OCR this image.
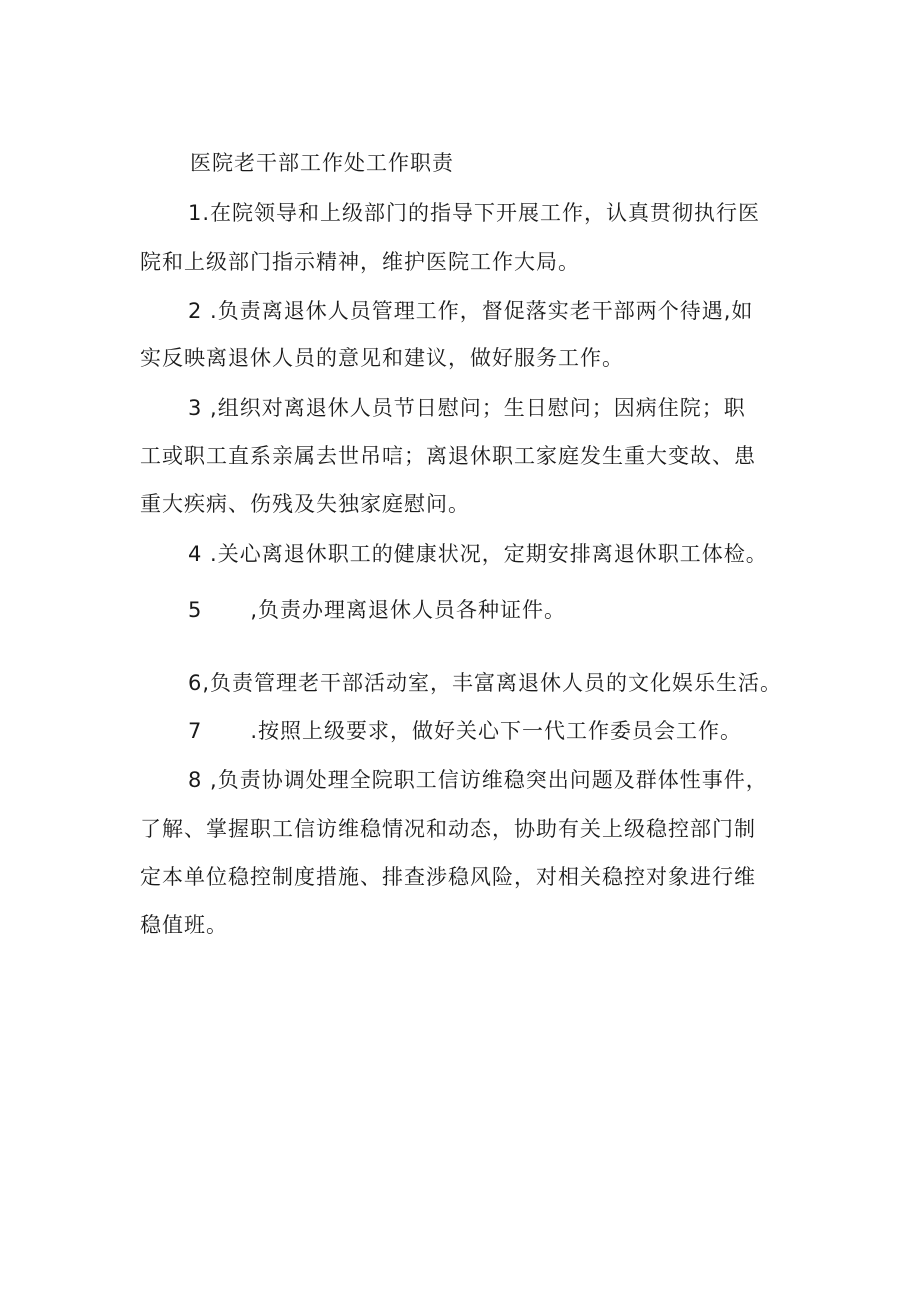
医院老干部工作处工作职责
1.在院领导和上级部门的指导下开展工作，认真贯彻执行医
院和上级部门指示精神，维护医院工作大局。
2 .负责离退休人员管理工作，督促落实老干部两个待遇,如
实反映离退休人员的意见和建议，做好服务工作。
3 ,组织对离退休人员节日慰问；生日慰问；因病住院；职
工或职工直系亲属去世吊唁；离退休职工家庭发生重大变故、患
重大疾病、伤残及失独家庭慰问。
4 .关心离退休职工的健康状况，定期安排离退休职工体检。
5 ,负责办理离退休人员各种证件。
6,负责管理老干部活动室，丰富离退休人员的文化娱乐生活。
7 .按照上级要求，做好关心下一代工作委员会工作。
8 ,负责协调处理全院职工信访维稳突出问题及群体性事件，
了解、掌握职工信访维稳情况和动态，协助有关上级稳控部门制
定本单位稳控制度措施、排查涉稳风险，对相关稳控对象进行维
稳值班。
